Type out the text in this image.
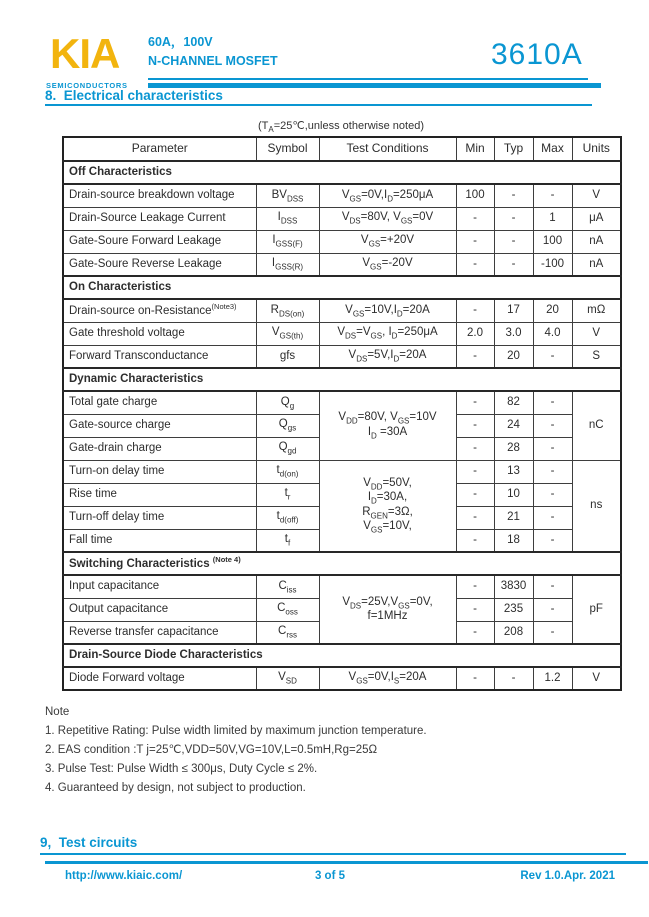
KIA
SEMICONDUCTORS
60A，100V
N-CHANNEL MOSFET	3610A
8.  Electrical characteristics
($T_A=25℃,unless$ otherwise noted)
Parameter	Symbol	Test Conditions	Min	Typ	Max	Units
Off Characteristics						
Drain-source breakdown voltage	$BV_{DSS}$	$V_{GS}=0V,I_D=250\mu A$	100	-	-	V
Drain-Source Leakage Current	$I_{DSS}$	$V_{DS}=80V$, $V_{GS}=0V$	-	-	1	μA
Gate-Soure Forward Leakage	$I_{GSS(F)}$	$V_{GS}=+20V$	-	-	100	nA
Gate-Soure Reverse Leakage	$I_{GSS(R)}$	$V_{GS}=-20V$	-	-	-100	nA
On Characteristics						
Drain-source on-Resistance$^{(Note3)}$	$R_{DS(on)}$	$V_{GS}=10V,I_D=20A$	-	17	20	mΩ
Gate threshold voltage	$V_{GS(th)}$	$V_{DS}=V_{GS}$, $I_D=250\mu A$	2.0	3.0	4.0	V
Forward Transconductance	gfs	$V_{DS}=5V,I_D=20A$	-	20	-	S
Dynamic Characteristics						
Total gate charge	$Q_g$	$V_{DD}=80V$, $V_{GS}=10V$
$I_D =30A$	-	82	-	nC
Gate-source charge	$Q_{gs}$		-	24	-	
Gate-drain charge	$Q_{gd}$		-	28	-	
Turn-on delay time	$t_{d(on)}$	$V_{DD}=50V$,
$I_D=30A$,
$R_{GEN}=3\Omega$,
$V_{GS}=10V$,	-	13	-	ns
Rise time	$t_r$		-	10	-	
Turn-off delay time	$t_{d(off)}$		-	21	-	
Fall time	$t_f$		-	18	-	
Switching Characteristics $^{(Note 4)}$
Input capacitance	$C_{iss}$	$V_{DS}=25V,V_{GS}=0V$,
f=1MHz	-	3830	-	pF
Output capacitance	$C_{oss}$		-	235	-	
Reverse transfer capacitance	$C_{rss}$		-	208	-	
Drain-Source Diode Characteristics						
Diode Forward voltage	$V_{SD}$	$V_{GS}=0V,I_S=20A$	-	-	1.2	V
Note
1. Repetitive Rating: Pulse width limited by maximum junction temperature.
2. EAS condition :T j=25℃,VDD=50V,VG=10V,L=0.5mH,Rg=25Ω
3. Pulse Test: Pulse Width ≤ 300μs, Duty Cycle ≤ 2%.
4. Guaranteed by design, not subject to production.
9,  Test circuits
http://www.kiaic.com/	3 of 5	Rev 1.0.Apr. 2021
